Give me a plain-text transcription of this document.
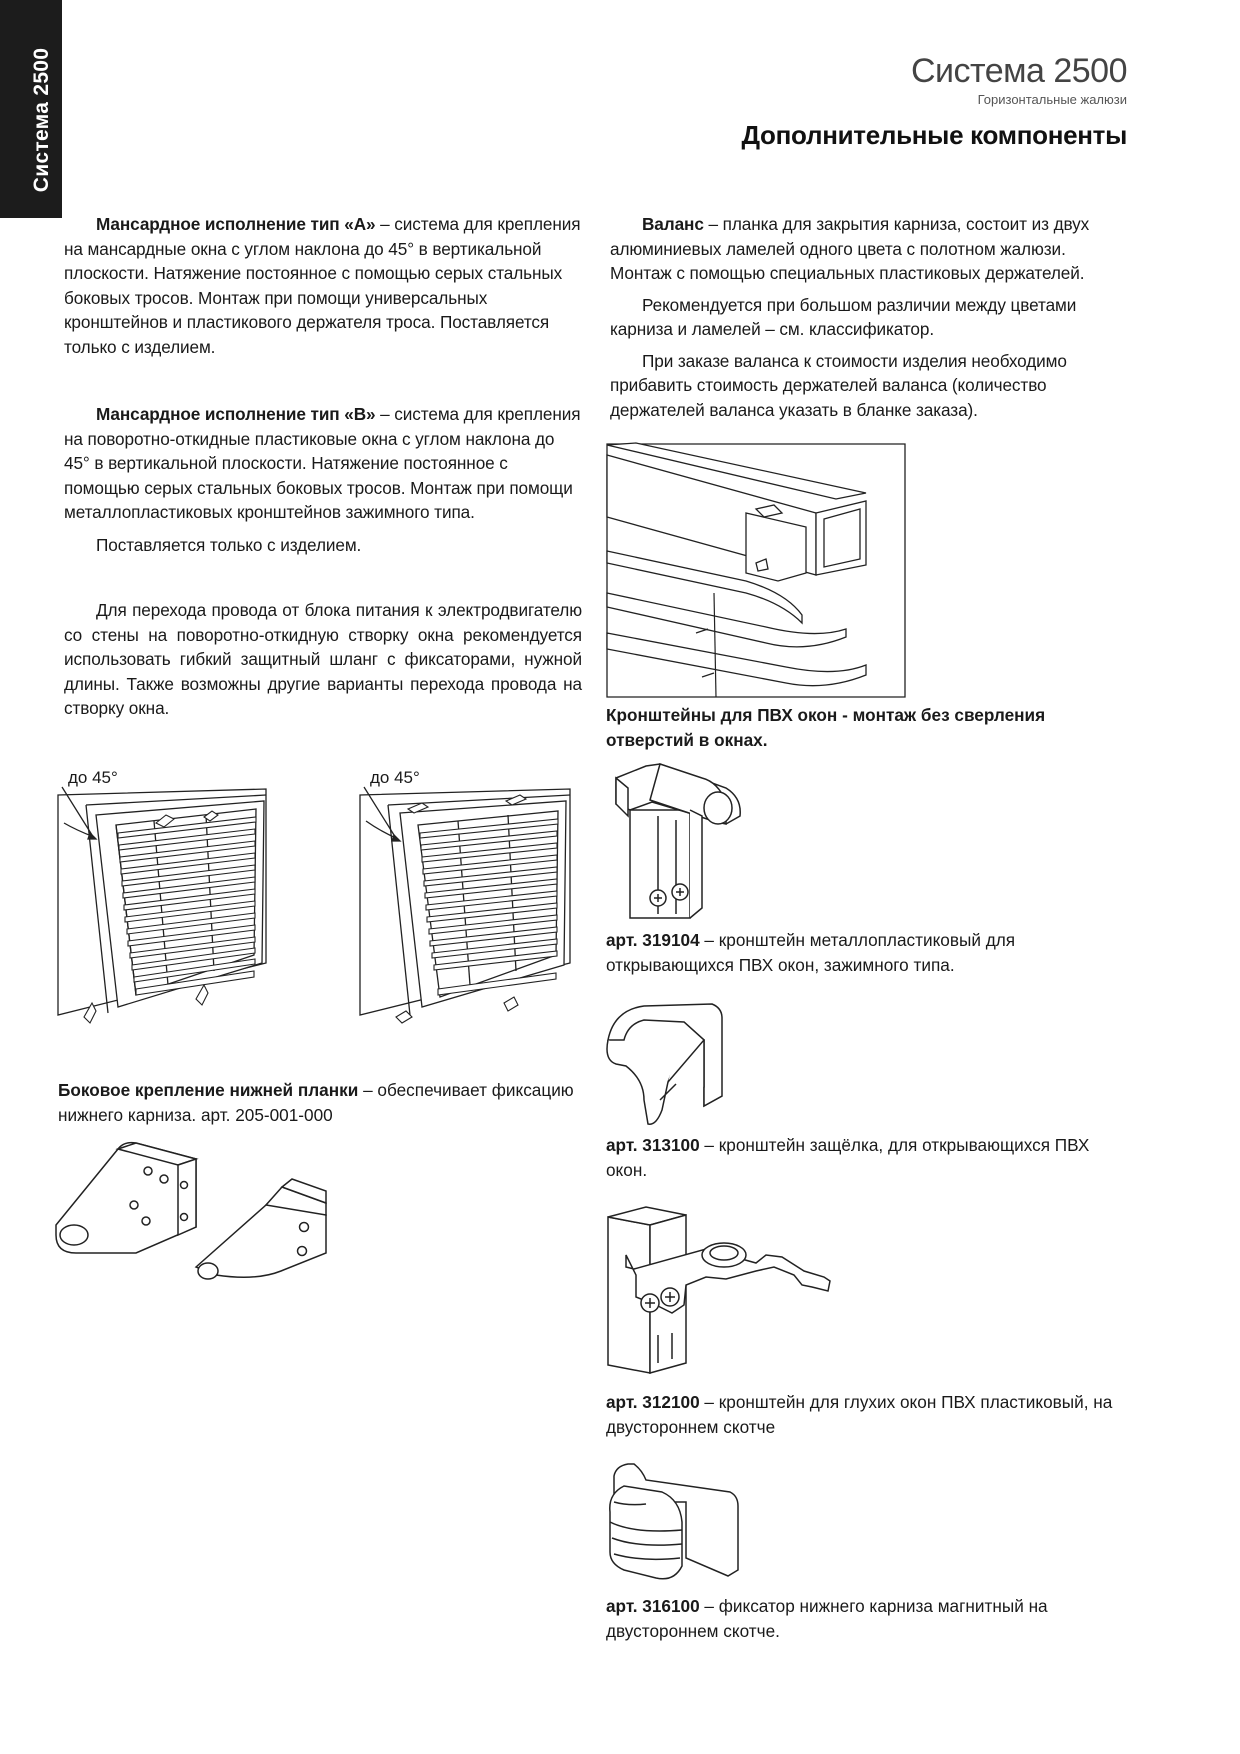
Система 2500	Система 2500
Горизонтальные жалюзи
Дополнительные компоненты

Мансардное исполнение тип «A» – система для крепления на мансардные окна с углом наклона до 45° в вертикальной плоскости. Натяжение постоянное с помощью серых стальных боковых тросов. Монтаж при помощи универсальных кронштейнов и пластикового держателя троса. Поставляется только с изделием.

Мансардное исполнение тип «B» – система для крепления на поворотно-откидные пластиковые окна с углом наклона до 45° в вертикальной плоскости. Натяжение постоянное с помощью серых стальных боковых тросов. Монтаж при помощи металлопластиковых кронштейнов зажимного типа.

Поставляется только с изделием.

Для перехода провода от блока питания к электродвигателю со стены на поворотно-откидную створку окна рекомендуется использовать гибкий защитный шланг с фиксаторами, нужной длины. Также возможны другие варианты перехода провода на створку окна.

до 45°	до 45°
Боковое крепление нижней планки – обеспечивает фиксацию нижнего карниза. арт. 205-001-000

Валанс – планка для закрытия карниза, состоит из двух алюминиевых ламелей одного цвета с полотном жалюзи. Монтаж с помощью специальных пластиковых держателей.

Рекомендуется при большом различии между цветами карниза и ламелей – см. классификатор.

При заказе валанса к стоимости изделия необходимо прибавить стоимость держателей валанса (количество держателей валанса указать в бланке заказа).

Кронштейны для ПВХ окон - монтаж без сверления отверстий в окнах.
арт. 319104 – кронштейн металлопластиковый для открывающихся ПВХ окон, зажимного типа.
арт. 313100 – кронштейн защёлка, для открывающихся ПВХ окон.
арт. 312100 – кронштейн для глухих окон ПВХ пластиковый, на двустороннем скотче
арт. 316100 – фиксатор нижнего карниза магнитный на двустороннем скотче.
